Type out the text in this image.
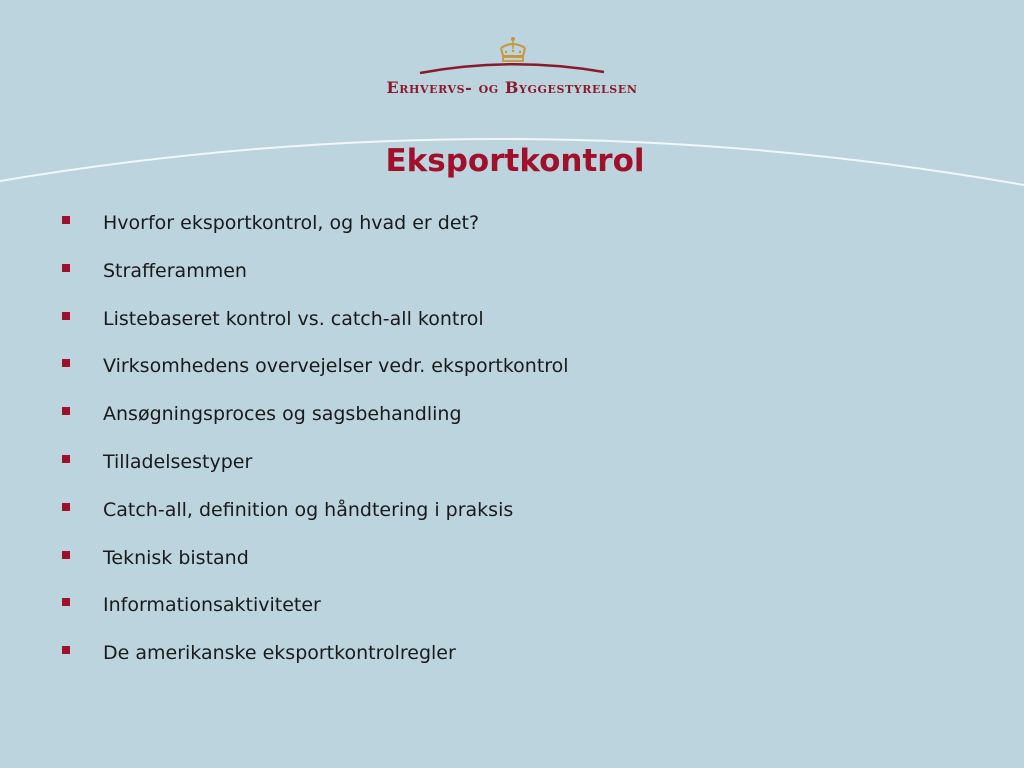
Erhvervs- og Byggestyrelsen
Eksportkontrol
Hvorfor eksportkontrol, og hvad er det?
Strafferammen
Listebaseret kontrol vs. catch-all kontrol
Virksomhedens overvejelser vedr. eksportkontrol
Ansøgningsproces og sagsbehandling
Tilladelsestyper
Catch-all, definition og håndtering i praksis
Teknisk bistand
Informationsaktiviteter
De amerikanske eksportkontrolregler
